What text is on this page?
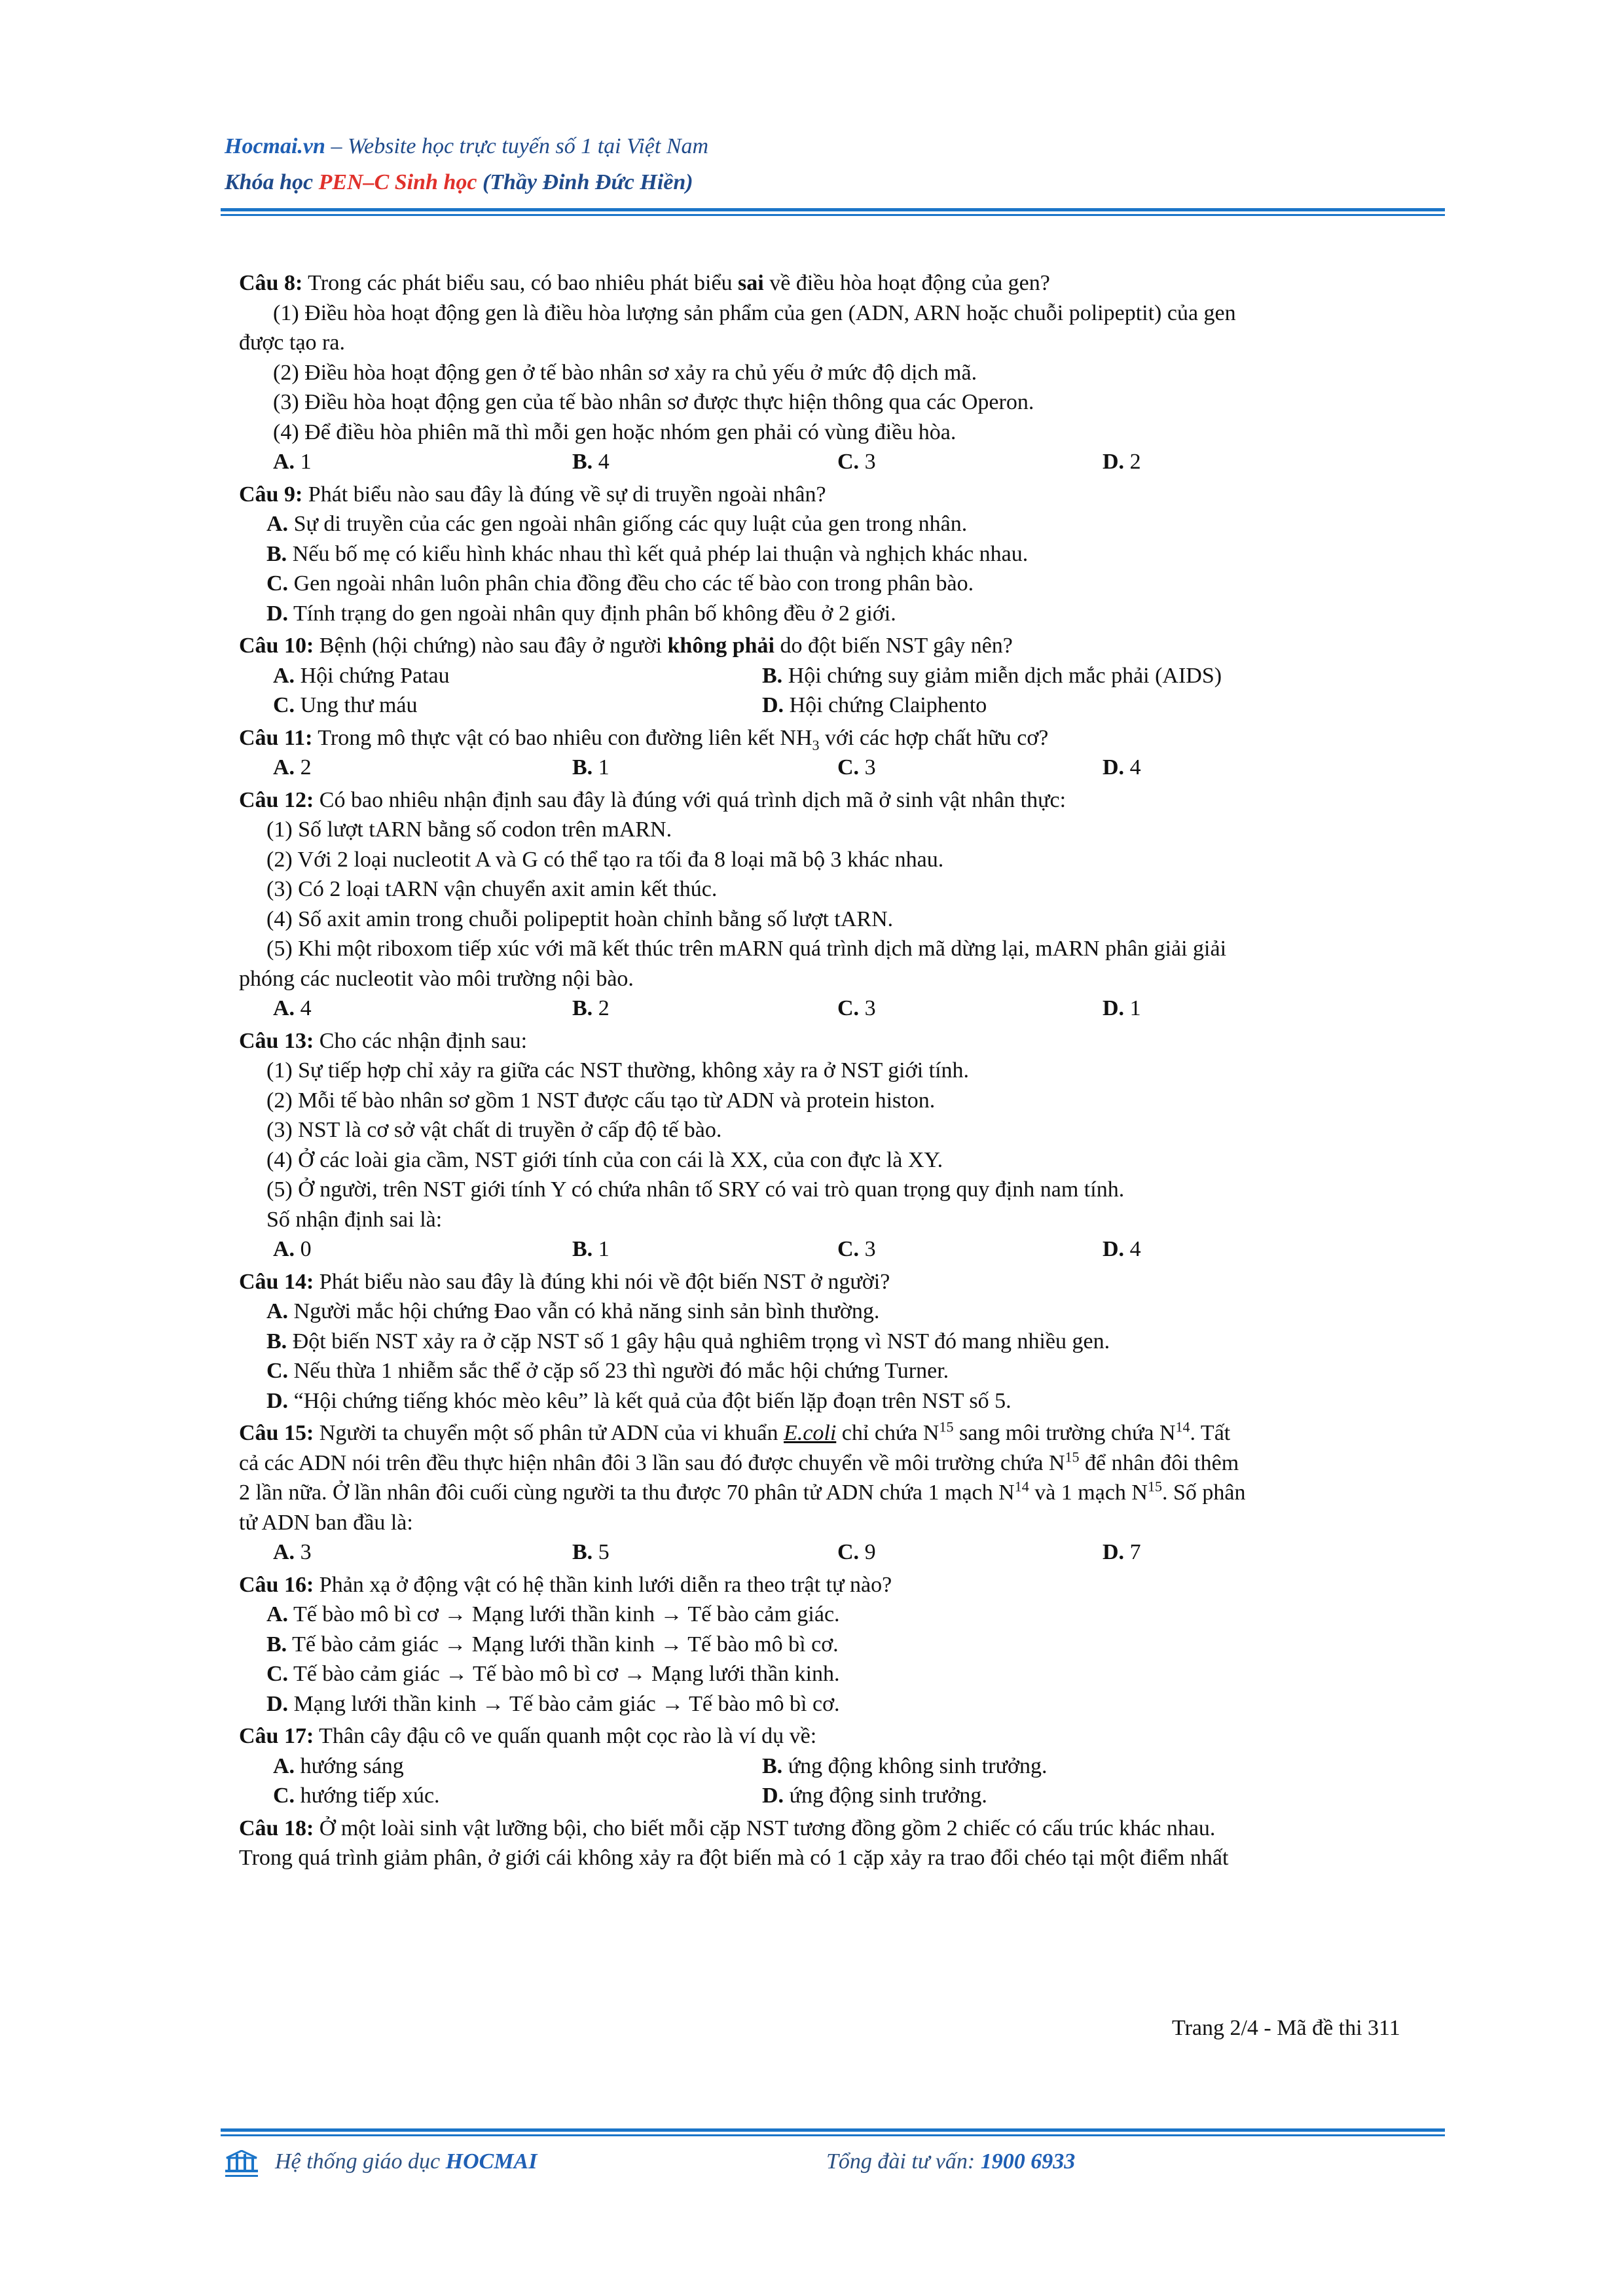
Hocmai.vn – Website học trực tuyến số 1 tại Việt Nam
Khóa học PEN–C Sinh học (Thầy Đinh Đức Hiền)
Câu 8: Trong các phát biểu sau, có bao nhiêu phát biểu sai về điều hòa hoạt động của gen?
(1) Điều hòa hoạt động gen là điều hòa lượng sản phẩm của gen (ADN, ARN hoặc chuỗi polipeptit) của gen
được tạo ra.
(2) Điều hòa hoạt động gen ở tế bào nhân sơ xảy ra chủ yếu ở mức độ dịch mã.
(3) Điều hòa hoạt động gen của tế bào nhân sơ được thực hiện thông qua các Operon.
(4) Để điều hòa phiên mã thì mỗi gen hoặc nhóm gen phải có vùng điều hòa.
A. 1	B. 4	C. 3	D. 2
Câu 9: Phát biểu nào sau đây là đúng về sự di truyền ngoài nhân?
A. Sự di truyền của các gen ngoài nhân giống các quy luật của gen trong nhân.
B. Nếu bố mẹ có kiểu hình khác nhau thì kết quả phép lai thuận và nghịch khác nhau.
C. Gen ngoài nhân luôn phân chia đồng đều cho các tế bào con trong phân bào.
D. Tính trạng do gen ngoài nhân quy định phân bố không đều ở 2 giới.
Câu 10: Bệnh (hội chứng) nào sau đây ở người không phải do đột biến NST gây nên?
A. Hội chứng Patau	B. Hội chứng suy giảm miễn dịch mắc phải (AIDS)
C. Ung thư máu	D. Hội chứng Claiphento
Câu 11: Trong mô thực vật có bao nhiêu con đường liên kết $NH_3$ với các hợp chất hữu cơ?
A. 2	B. 1	C. 3	D. 4
Câu 12: Có bao nhiêu nhận định sau đây là đúng với quá trình dịch mã ở sinh vật nhân thực:
(1) Số lượt tARN bằng số codon trên mARN.
(2) Với 2 loại nucleotit A và G có thể tạo ra tối đa 8 loại mã bộ 3 khác nhau.
(3) Có 2 loại tARN vận chuyển axit amin kết thúc.
(4) Số axit amin trong chuỗi polipeptit hoàn chỉnh bằng số lượt tARN.
(5) Khi một riboxom tiếp xúc với mã kết thúc trên mARN quá trình dịch mã dừng lại, mARN phân giải giải
phóng các nucleotit vào môi trường nội bào.
A. 4	B. 2	C. 3	D. 1
Câu 13: Cho các nhận định sau:
(1) Sự tiếp hợp chỉ xảy ra giữa các NST thường, không xảy ra ở NST giới tính.
(2) Mỗi tế bào nhân sơ gồm 1 NST được cấu tạo từ ADN và protein histon.
(3) NST là cơ sở vật chất di truyền ở cấp độ tế bào.
(4) Ở các loài gia cầm, NST giới tính của con cái là XX, của con đực là XY.
(5) Ở người, trên NST giới tính Y có chứa nhân tố SRY có vai trò quan trọng quy định nam tính.
Số nhận định sai là:
A. 0	B. 1	C. 3	D. 4
Câu 14: Phát biểu nào sau đây là đúng khi nói về đột biến NST ở người?
A. Người mắc hội chứng Đao vẫn có khả năng sinh sản bình thường.
B. Đột biến NST xảy ra ở cặp NST số 1 gây hậu quả nghiêm trọng vì NST đó mang nhiều gen.
C. Nếu thừa 1 nhiễm sắc thể ở cặp số 23 thì người đó mắc hội chứng Turner.
D. “Hội chứng tiếng khóc mèo kêu” là kết quả của đột biến lặp đoạn trên NST số 5.
Câu 15: Người ta chuyển một số phân tử ADN của vi khuẩn E.coli chỉ chứa $N^{15}$ sang môi trường chứa $N^{14}$. Tất
cả các ADN nói trên đều thực hiện nhân đôi 3 lần sau đó được chuyển về môi trường chứa $N^{15}$ để nhân đôi thêm
2 lần nữa. Ở lần nhân đôi cuối cùng người ta thu được 70 phân tử ADN chứa 1 mạch $N^{14}$ và 1 mạch $N^{15}$. Số phân
tử ADN ban đầu là:
A. 3	B. 5	C. 9	D. 7
Câu 16: Phản xạ ở động vật có hệ thần kinh lưới diễn ra theo trật tự nào?
A. Tế bào mô bì cơ → Mạng lưới thần kinh → Tế bào cảm giác.
B. Tế bào cảm giác → Mạng lưới thần kinh → Tế bào mô bì cơ.
C. Tế bào cảm giác → Tế bào mô bì cơ → Mạng lưới thần kinh.
D. Mạng lưới thần kinh → Tế bào cảm giác → Tế bào mô bì cơ.
Câu 17: Thân cây đậu cô ve quấn quanh một cọc rào là ví dụ về:
A. hướng sáng	B. ứng động không sinh trưởng.
C. hướng tiếp xúc.	D. ứng động sinh trưởng.
Câu 18: Ở một loài sinh vật lưỡng bội, cho biết mỗi cặp NST tương đồng gồm 2 chiếc có cấu trúc khác nhau.
Trong quá trình giảm phân, ở giới cái không xảy ra đột biến mà có 1 cặp xảy ra trao đổi chéo tại một điểm nhất
Trang 2/4 - Mã đề thi 311
Hệ thống giáo dục HOCMAI	Tổng đài tư vấn: 1900 6933
